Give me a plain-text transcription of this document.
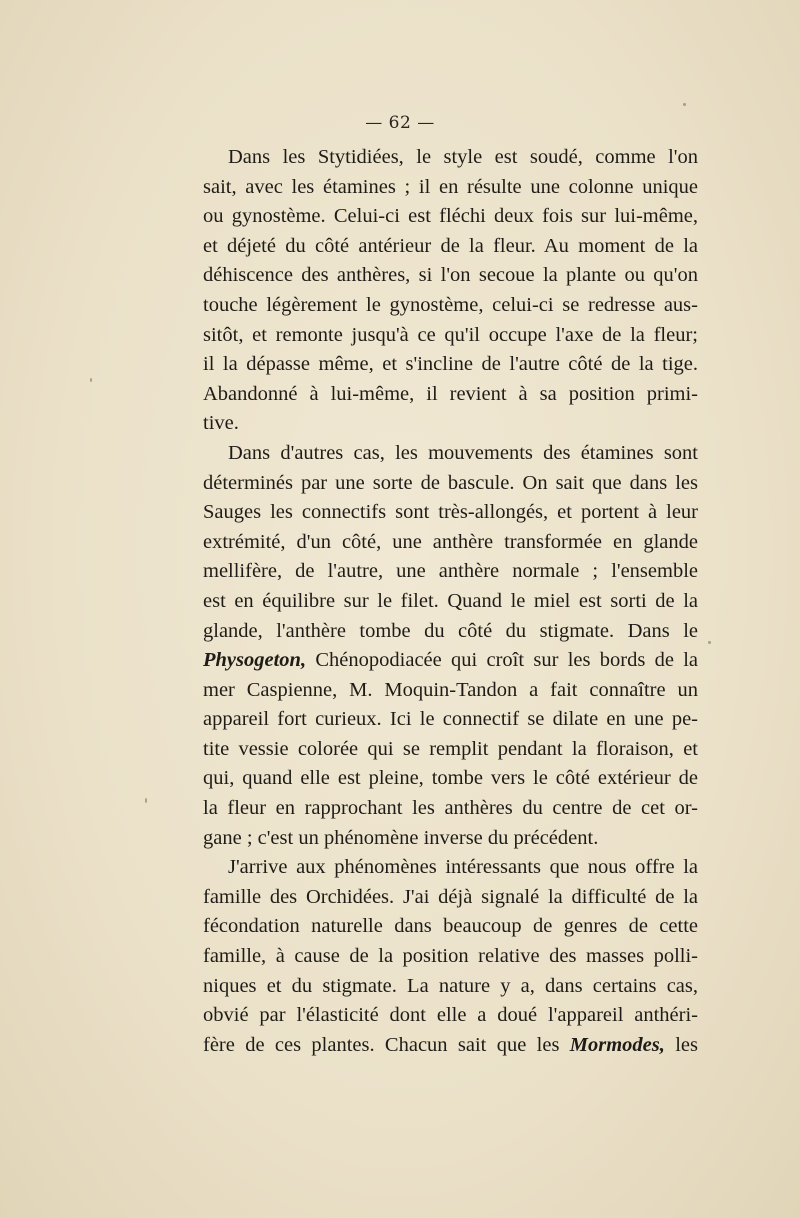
— 62 —
Dans les Stytidiées, le style est soudé, comme l'on
sait, avec les étamines ; il en résulte une colonne unique
ou gynostème. Celui-ci est fléchi deux fois sur lui-même,
et déjeté du côté antérieur de la fleur. Au moment de la
déhiscence des anthères, si l'on secoue la plante ou qu'on
touche légèrement le gynostème, celui-ci se redresse aus-
sitôt, et remonte jusqu'à ce qu'il occupe l'axe de la fleur;
il la dépasse même, et s'incline de l'autre côté de la tige.
Abandonné à lui-même, il revient à sa position primi-
tive.
Dans d'autres cas, les mouvements des étamines sont
déterminés par une sorte de bascule. On sait que dans les
Sauges les connectifs sont très-allongés, et portent à leur
extrémité, d'un côté, une anthère transformée en glande
mellifère, de l'autre, une anthère normale ; l'ensemble
est en équilibre sur le filet. Quand le miel est sorti de la
glande, l'anthère tombe du côté du stigmate. Dans le
Physogeton, Chénopodiacée qui croît sur les bords de la
mer Caspienne, M. Moquin-Tandon a fait connaître un
appareil fort curieux. Ici le connectif se dilate en une pe-
tite vessie colorée qui se remplit pendant la floraison, et
qui, quand elle est pleine, tombe vers le côté extérieur de
la fleur en rapprochant les anthères du centre de cet or-
gane ; c'est un phénomène inverse du précédent.
J'arrive aux phénomènes intéressants que nous offre la
famille des Orchidées. J'ai déjà signalé la difficulté de la
fécondation naturelle dans beaucoup de genres de cette
famille, à cause de la position relative des masses polli-
niques et du stigmate. La nature y a, dans certains cas,
obvié par l'élasticité dont elle a doué l'appareil anthéri-
fère de ces plantes. Chacun sait que les Mormodes, les
